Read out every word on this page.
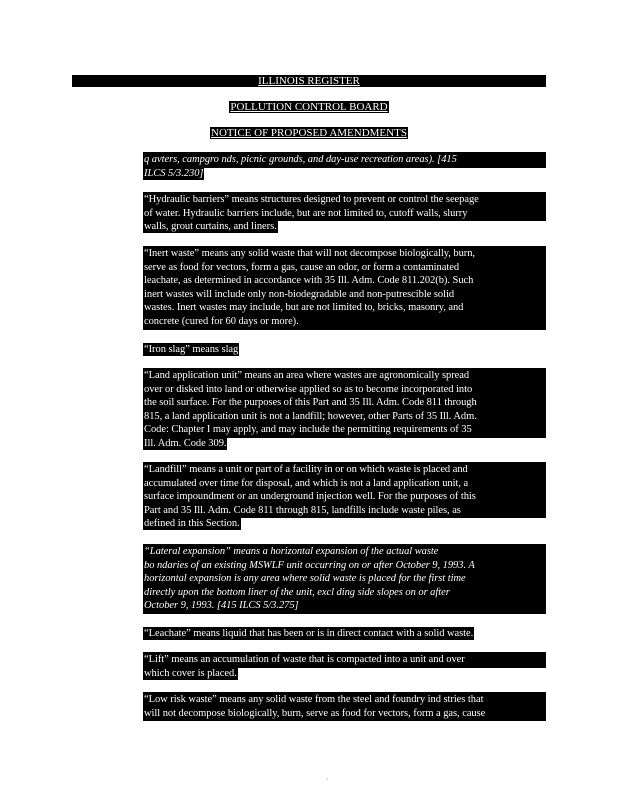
ILLINOIS REGISTER
POLLUTION CONTROL BOARD
NOTICE OF PROPOSED AMENDMENTS
q avters, campgro nds, picnic grounds, and day-use recreation areas). [415
ILCS 5/3.230]
“Hydraulic barriers” means structures designed to prevent or control the seepage
of water. Hydraulic barriers include, but are not limited to, cutoff walls, slurry
walls, grout curtains, and liners.
“Inert waste” means any solid waste that will not decompose biologically, burn,
serve as food for vectors, form a gas, cause an odor, or form a contaminated
leachate, as determined in accordance with 35 Ill. Adm. Code 811.202(b). Such
inert wastes will include only non-biodegradable and non-putrescible solid
wastes. Inert wastes may include, but are not limited to, bricks, masonry, and
concrete (cured for 60 days or more).
“Iron slag” means slag
“Land application unit” means an area where wastes are agronomically spread
over or disked into land or otherwise applied so as to become incorporated into
the soil surface. For the purposes of this Part and 35 Ill. Adm. Code 811 through
815, a land application unit is not a landfill; however, other Parts of 35 Ill. Adm.
Code: Chapter I may apply, and may include the permitting requirements of 35
Ill. Adm. Code 309.
“Landfill” means a unit or part of a facility in or on which waste is placed and
accumulated over time for disposal, and which is not a land application unit, a
surface impoundment or an underground injection well. For the purposes of this
Part and 35 Ill. Adm. Code 811 through 815, landfills include waste piles, as
defined in this Section.
“Lateral expansion” means a horizontal expansion of the actual waste
bo ndaries of an existing MSWLF unit occurring on or after October 9, 1993. A
horizontal expansion is any area where solid waste is placed for the first time
directly upon the bottom liner of the unit, excl ding side slopes on or after
October 9, 1993. [415 ILCS 5/3.275]
“Leachate” means liquid that has been or is in direct contact with a solid waste.
“Lift” means an accumulation of waste that is compacted into a unit and over
which cover is placed.
“Low risk waste” means any solid waste from the steel and foundry ind stries that
will not decompose biologically, burn, serve as food for vectors, form a gas, cause
